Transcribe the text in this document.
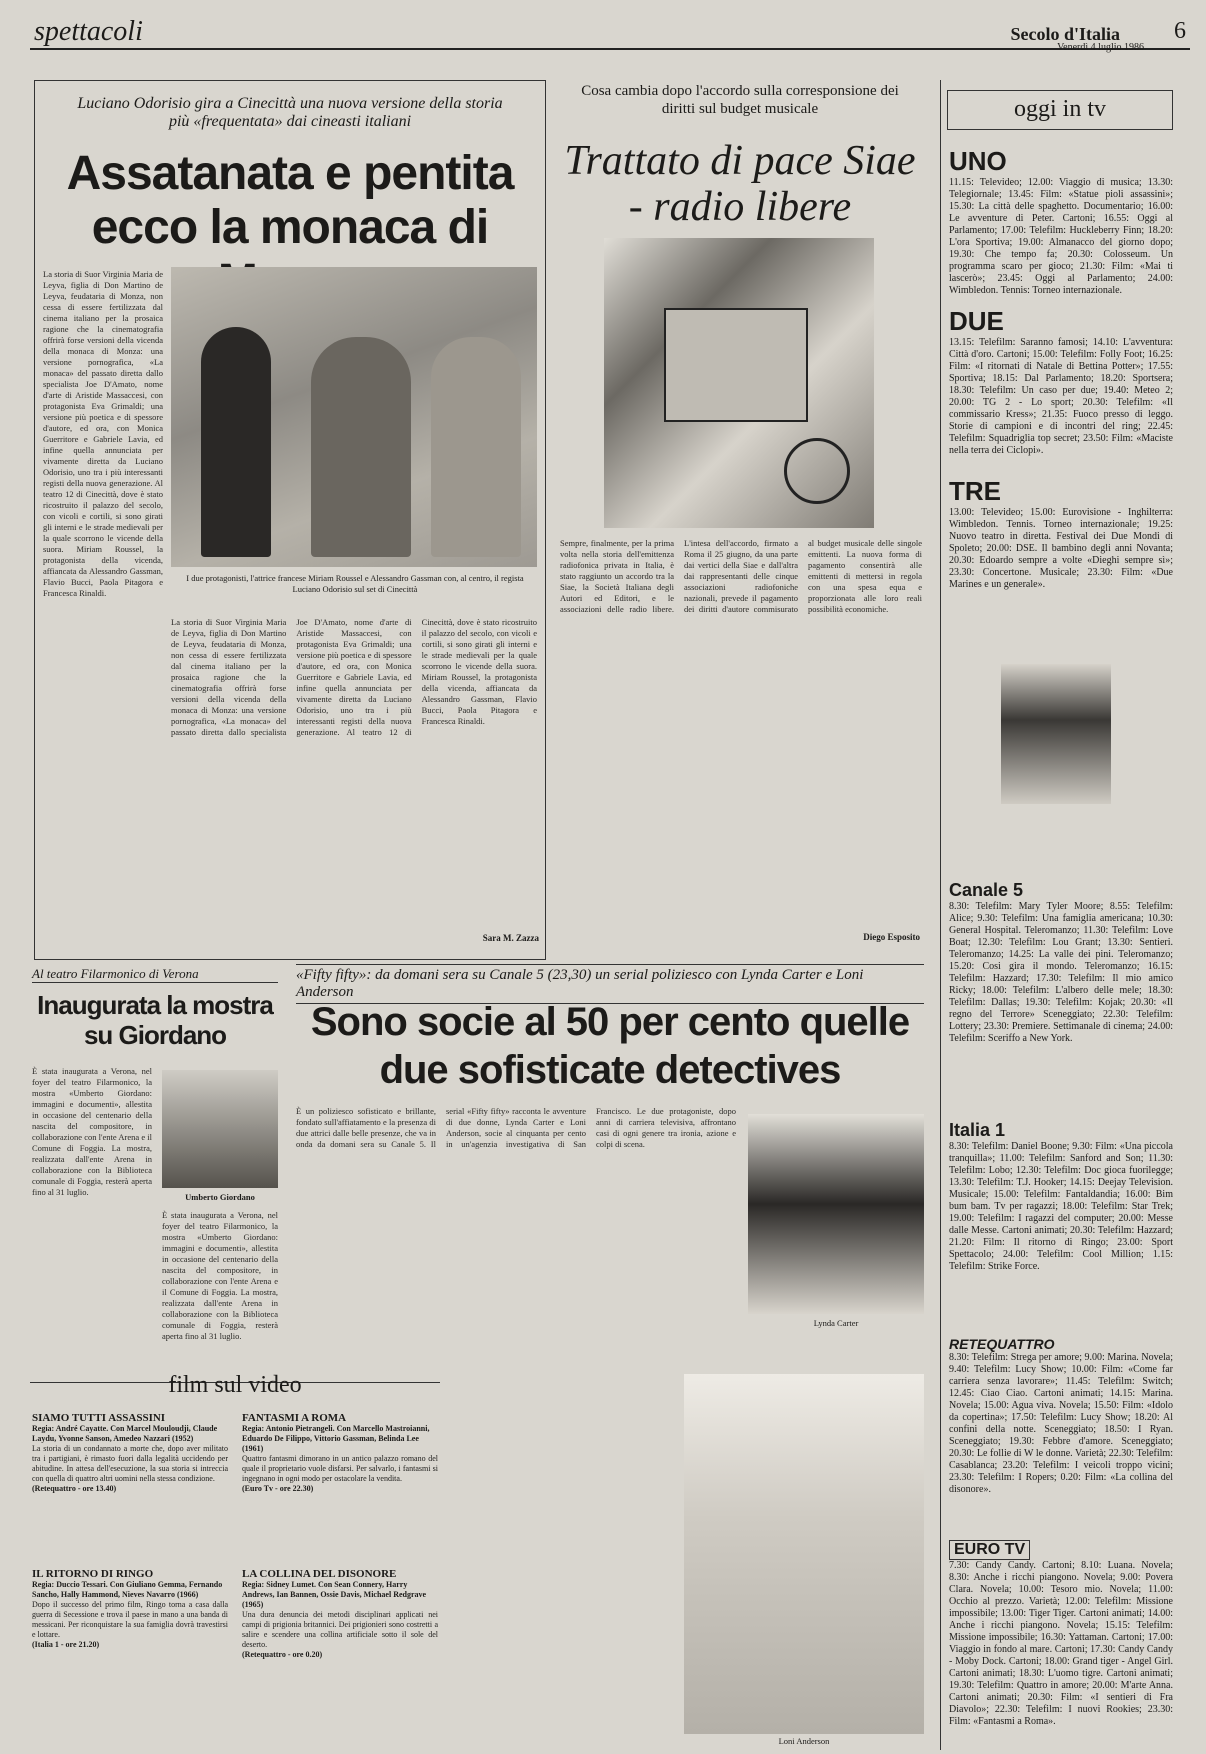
spettacoli	Secolo d'Italia
Venerdì 4 luglio 1986
6
Luciano Odorisio gira a Cinecittà una nuova versione della storia più «frequentata» dai cineasti italiani
Assatanata e pentita ecco la monaca di
La storia di Suor Virginia Maria de Leyva, figlia di Don Martino de Leyva, feudataria di Monza, non cessa di essere fertilizzata dal cinema italiano per la prosaica ragione che la cinematografia offrirà forse versioni della vicenda della monaca di Monza: una versione pornografica, «La monaca» del passato diretta dallo specialista Joe D'Amato, nome d'arte di Aristide Massaccesi, con protagonista Eva Grimaldi; una versione più poetica e di spessore d'autore, ed ora, con Monica Guerritore e Gabriele Lavia, ed infine quella annunciata per vivamente diretta da Luciano Odorisio, uno tra i più interessanti registi della nuova generazione. Al teatro 12 di Cinecittà, dove è stato ricostruito il palazzo del secolo, con vicoli e cortili, si sono girati gli interni e le strade medievali per la quale scorrono le vicende della suora. Miriam Roussel, la protagonista della vicenda, affiancata da Alessandro Gassman, Flavio Bucci, Paola Pitagora e Francesca Rinaldi.
I due protagonisti, l'attrice francese Miriam Roussel e Alessandro Gassman con, al centro, il regista Luciano Odorisio sul set di Cinecittà
La storia di Suor Virginia Maria de Leyva, figlia di Don Martino de Leyva, feudataria di Monza, non cessa di essere fertilizzata dal cinema italiano per la prosaica ragione che la cinematografia offrirà forse versioni della vicenda della monaca di Monza: una versione pornografica, «La monaca» del passato diretta dallo specialista Joe D'Amato, nome d'arte di Aristide Massaccesi, con protagonista Eva Grimaldi; una versione più poetica e di spessore d'autore, ed ora, con Monica Guerritore e Gabriele Lavia, ed infine quella annunciata per vivamente diretta da Luciano Odorisio, uno tra i più interessanti registi della nuova generazione. Al teatro 12 di Cinecittà, dove è stato ricostruito il palazzo del secolo, con vicoli e cortili, si sono girati gli interni e le strade medievali per la quale scorrono le vicende della suora. Miriam Roussel, la protagonista della vicenda, affiancata da Alessandro Gassman, Flavio Bucci, Paola Pitagora e Francesca Rinaldi.
Sara M. Zazza
Cosa cambia dopo l'accordo sulla corresponsione dei diritti sul budget musicale
Trattato di pace Siae - radio libere
Sempre, finalmente, per la prima volta nella storia dell'emittenza radiofonica privata in Italia, è stato raggiunto un accordo tra la Siae, la Società Italiana degli Autori ed Editori, e le associazioni delle radio libere. L'intesa dell'accordo, firmato a Roma il 25 giugno, da una parte dai vertici della Siae e dall'altra dai rappresentanti delle cinque associazioni radiofoniche nazionali, prevede il pagamento dei diritti d'autore commisurato al budget musicale delle singole emittenti. La nuova forma di pagamento consentirà alle emittenti di mettersi in regola con una spesa equa e proporzionata alle loro reali possibilità economiche.
Diego Esposito
Al teatro Filarmonico di Verona
Inaugurata la mostra su Giordano
È stata inaugurata a Verona, nel foyer del teatro Filarmonico, la mostra «Umberto Giordano: immagini e documenti», allestita in occasione del centenario della nascita del compositore, in collaborazione con l'ente Arena e il Comune di Foggia. La mostra, realizzata dall'ente Arena in collaborazione con la Biblioteca comunale di Foggia, resterà aperta fino al 31 luglio.	Umberto Giordano
È stata inaugurata a Verona, nel foyer del teatro Filarmonico, la mostra «Umberto Giordano: immagini e documenti», allestita in occasione del centenario della nascita del compositore, in collaborazione con l'ente Arena e il Comune di Foggia. La mostra, realizzata dall'ente Arena in collaborazione con la Biblioteca comunale di Foggia, resterà aperta fino al 31 luglio.
«Fifty fifty»: da domani sera su Canale 5 (23,30) un serial poliziesco con Lynda Carter e Loni Anderson
Sono socie al 50 per cento quelle due sofisticate detectives
È un poliziesco sofisticato e brillante, fondato sull'affiatamento e la presenza di due attrici dalle belle presenze, che va in onda da domani sera su Canale 5. Il serial «Fifty fifty» racconta le avventure di due donne, Lynda Carter e Loni Anderson, socie al cinquanta per cento in un'agenzia investigativa di San Francisco. Le due protagoniste, dopo anni di carriera televisiva, affrontano casi di ogni genere tra ironia, azione e colpi di scena.
Lynda Carter
Loni Anderson
film sul video
SIAMO TUTTI ASSASSINI
Regia: André Cayatte. Con Marcel Mouloudji, Claude Laydu, Yvonne Sanson, Amedeo Nazzari (1952)
La storia di un condannato a morte che, dopo aver militato tra i partigiani, è rimasto fuori dalla legalità uccidendo per abitudine. In attesa dell'esecuzione, la sua storia si intreccia con quella di quattro altri uomini nella stessa condizione.
(Retequattro - ore 13.40)
IL RITORNO DI RINGO
Regia: Duccio Tessari. Con Giuliano Gemma, Fernando Sancho, Hally Hammond, Nieves Navarro (1966)
Dopo il successo del primo film, Ringo torna a casa dalla guerra di Secessione e trova il paese in mano a una banda di messicani. Per riconquistare la sua famiglia dovrà travestirsi e lottare.
(Italia 1 - ore 21.20)
FANTASMI A ROMA
Regia: Antonio Pietrangeli. Con Marcello Mastroianni, Eduardo De Filippo, Vittorio Gassman, Belinda Lee (1961)
Quattro fantasmi dimorano in un antico palazzo romano del quale il proprietario vuole disfarsi. Per salvarlo, i fantasmi si ingegnano in ogni modo per ostacolare la vendita.
(Euro Tv - ore 22.30)
LA COLLINA DEL DISONORE
Regia: Sidney Lumet. Con Sean Connery, Harry Andrews, Ian Bannen, Ossie Davis, Michael Redgrave (1965)
Una dura denuncia dei metodi disciplinari applicati nei campi di prigionia britannici. Dei prigionieri sono costretti a salire e scendere una collina artificiale sotto il sole del deserto.
(Retequattro - ore 0.20)
oggi in tv
UNO
11.15: Televideo; 12.00: Viaggio di musica; 13.30: Telegiornale; 13.45: Film: «Statue pioli assassini»; 15.30: La città delle spaghetto. Documentario; 16.00: Le avventure di Peter. Cartoni; 16.55: Oggi al Parlamento; 17.00: Telefilm: Huckleberry Finn; 18.20: L'ora Sportiva; 19.00: Almanacco del giorno dopo; 19.30: Che tempo fa; 20.30: Colosseum. Un programma scaro per gioco; 21.30: Film: «Mai ti lascerò»; 23.45: Oggi al Parlamento; 24.00: Wimbledon. Tennis: Torneo internazionale.
DUE
13.15: Telefilm: Saranno famosi; 14.10: L'avventura: Città d'oro. Cartoni; 15.00: Telefilm: Folly Foot; 16.25: Film: «I ritornati di Natale di Bettina Potter»; 17.55: Sportiva; 18.15: Dal Parlamento; 18.20: Sportsera; 18.30: Telefilm: Un caso per due; 19.40: Meteo 2; 20.00: TG 2 - Lo sport; 20.30: Telefilm: «Il commissario Kress»; 21.35: Fuoco presso di leggo. Storie di campioni e di incontri del ring; 22.45: Telefilm: Squadriglia top secret; 23.50: Film: «Maciste nella terra dei Ciclopi».
TRE
13.00: Televideo; 15.00: Eurovisione - Inghilterra: Wimbledon. Tennis. Torneo internazionale; 19.25: Nuovo teatro in diretta. Festival dei Due Mondi di Spoleto; 20.00: DSE. Il bambino degli anni Novanta; 20.30: Edoardo sempre a volte «Dieghi sempre sì»; 23.30: Concertone. Musicale; 23.30: Film: «Due Marines e un generale».
Canale 5
8.30: Telefilm: Mary Tyler Moore; 8.55: Telefilm: Alice; 9.30: Telefilm: Una famiglia americana; 10.30: General Hospital. Teleromanzo; 11.30: Telefilm: Love Boat; 12.30: Telefilm: Lou Grant; 13.30: Sentieri. Teleromanzo; 14.25: La valle dei pini. Teleromanzo; 15.20: Cosi gira il mondo. Teleromanzo; 16.15: Telefilm: Hazzard; 17.30: Telefilm: Il mio amico Ricky; 18.00: Telefilm: L'albero delle mele; 18.30: Telefilm: Dallas; 19.30: Telefilm: Kojak; 20.30: «Il regno del Terrore» Sceneggiato; 22.30: Telefilm: Lottery; 23.30: Premiere. Settimanale di cinema; 24.00: Telefilm: Sceriffo a New York.
Italia 1
8.30: Telefilm: Daniel Boone; 9.30: Film: «Una piccola tranquilla»; 11.00: Telefilm: Sanford and Son; 11.30: Telefilm: Lobo; 12.30: Telefilm: Doc gioca fuorilegge; 13.30: Telefilm: T.J. Hooker; 14.15: Deejay Television. Musicale; 15.00: Telefilm: Fantaldandia; 16.00: Bim bum bam. Tv per ragazzi; 18.00: Telefilm: Star Trek; 19.00: Telefilm: I ragazzi del computer; 20.00: Messe dalle Messe. Cartoni animati; 20.30: Telefilm: Hazzard; 21.20: Film: Il ritorno di Ringo; 23.00: Sport Spettacolo; 24.00: Telefilm: Cool Million; 1.15: Telefilm: Strike Force.
RETEQUATTRO
8.30: Telefilm: Strega per amore; 9.00: Marina. Novela; 9.40: Telefilm: Lucy Show; 10.00: Film: «Come far carriera senza lavorare»; 11.45: Telefilm: Switch; 12.45: Ciao Ciao. Cartoni animati; 14.15: Marina. Novela; 15.00: Agua viva. Novela; 15.50: Film: «Idolo da copertina»; 17.50: Telefilm: Lucy Show; 18.20: Al confini della notte. Sceneggiato; 18.50: I Ryan. Sceneggiato; 19.30: Febbre d'amore. Sceneggiato; 20.30: Le follie di W le donne. Varietà; 22.30: Telefilm: Casablanca; 23.20: Telefilm: I veicoli troppo vicini; 23.30: Telefilm: I Ropers; 0.20: Film: «La collina del disonore».
EURO TV
7.30: Candy Candy. Cartoni; 8.10: Luana. Novela; 8.30: Anche i ricchi piangono. Novela; 9.00: Povera Clara. Novela; 10.00: Tesoro mio. Novela; 11.00: Occhio al prezzo. Varietà; 12.00: Telefilm: Missione impossibile; 13.00: Tiger Tiger. Cartoni animati; 14.00: Anche i ricchi piangono. Novela; 15.15: Telefilm: Missione impossibile; 16.30: Yattaman. Cartoni; 17.00: Viaggio in fondo al mare. Cartoni; 17.30: Candy Candy - Moby Dock. Cartoni; 18.00: Grand tiger - Angel Girl. Cartoni animati; 18.30: L'uomo tigre. Cartoni animati; 19.30: Telefilm: Quattro in amore; 20.00: M'arte Anna. Cartoni animati; 20.30: Film: «I sentieri di Fra Diavolo»; 22.30: Telefilm: I nuovi Rookies; 23.30: Film: «Fantasmi a Roma».
